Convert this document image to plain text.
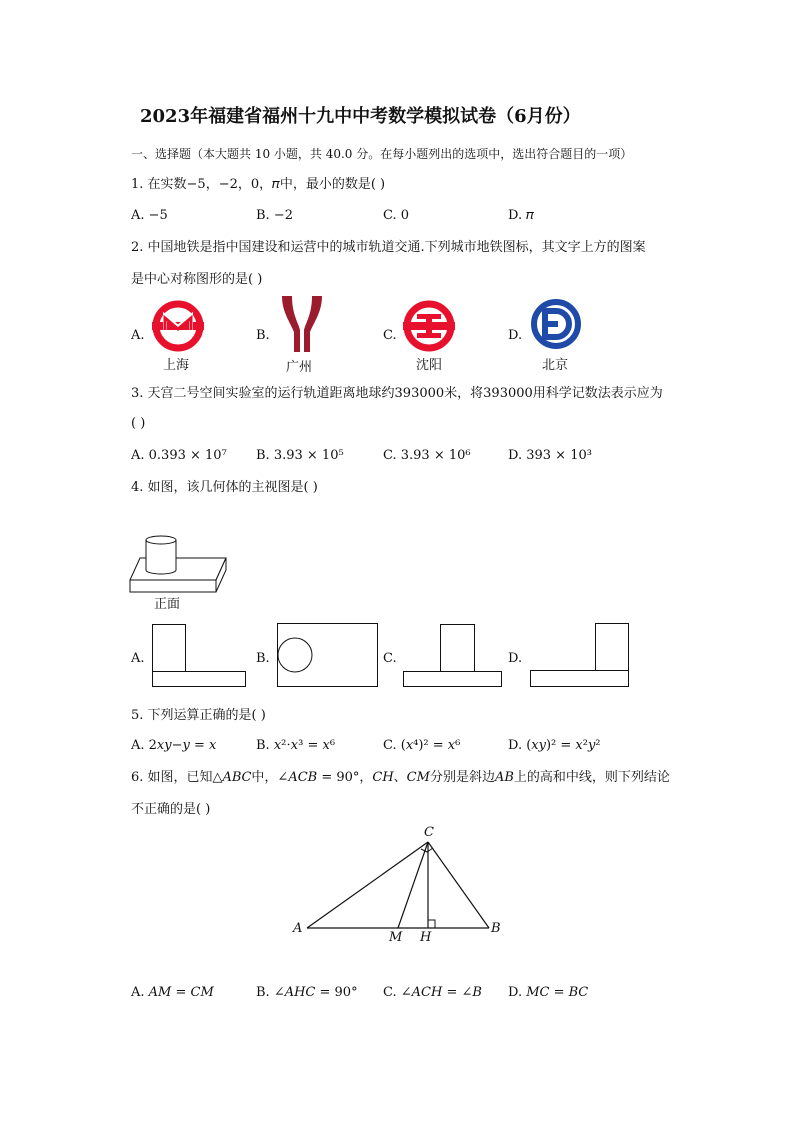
2023年福建省福州十九中中考数学模拟试卷（6月份）
一、选择题（本大题共 10 小题，共 40.0 分。在每小题列出的选项中，选出符合题目的一项）
1. 在实数−5，−2，0，𝜋中，最小的数是( )
A. −5	B. −2	C. 0	D. 𝜋
2. 中国地铁是指中国建设和运营中的城市轨道交通.下列城市地铁图标，其文字上方的图案
是中心对称图形的是( )
A.
上海
B.
广州
C.
沈阳
D.
北京
3. 天宫二号空间实验室的运行轨道距离地球约393000米，将393000用科学记数法表示应为
( )
A. 0.393 × 10⁷ B. 3.93 × 10⁵	C. 3.93 × 10⁶	D. 393 × 10³
4. 如图，该几何体的主视图是( )
正面
A.	B.	C.	D.
5. 下列运算正确的是( )
A. 2𝑥𝑦−𝑦 = 𝑥	B. 𝑥²⋅𝑥³ = 𝑥⁶	C. (𝑥⁴)² = 𝑥⁶	D. (𝑥𝑦)² = 𝑥²𝑦²
6. 如图，已知△𝐴𝐵𝐶中，∠𝐴𝐶𝐵 = 90°，𝐶𝐻、𝐶𝑀分别是斜边𝐴𝐵上的高和中线，则下列结论
不正确的是( )
C
A	B
M H
A. 𝐴𝑀 = 𝐶𝑀	B. ∠𝐴𝐻𝐶 = 90° C. ∠𝐴𝐶𝐻 = ∠𝐵 D. 𝑀𝐶 = 𝐵𝐶
